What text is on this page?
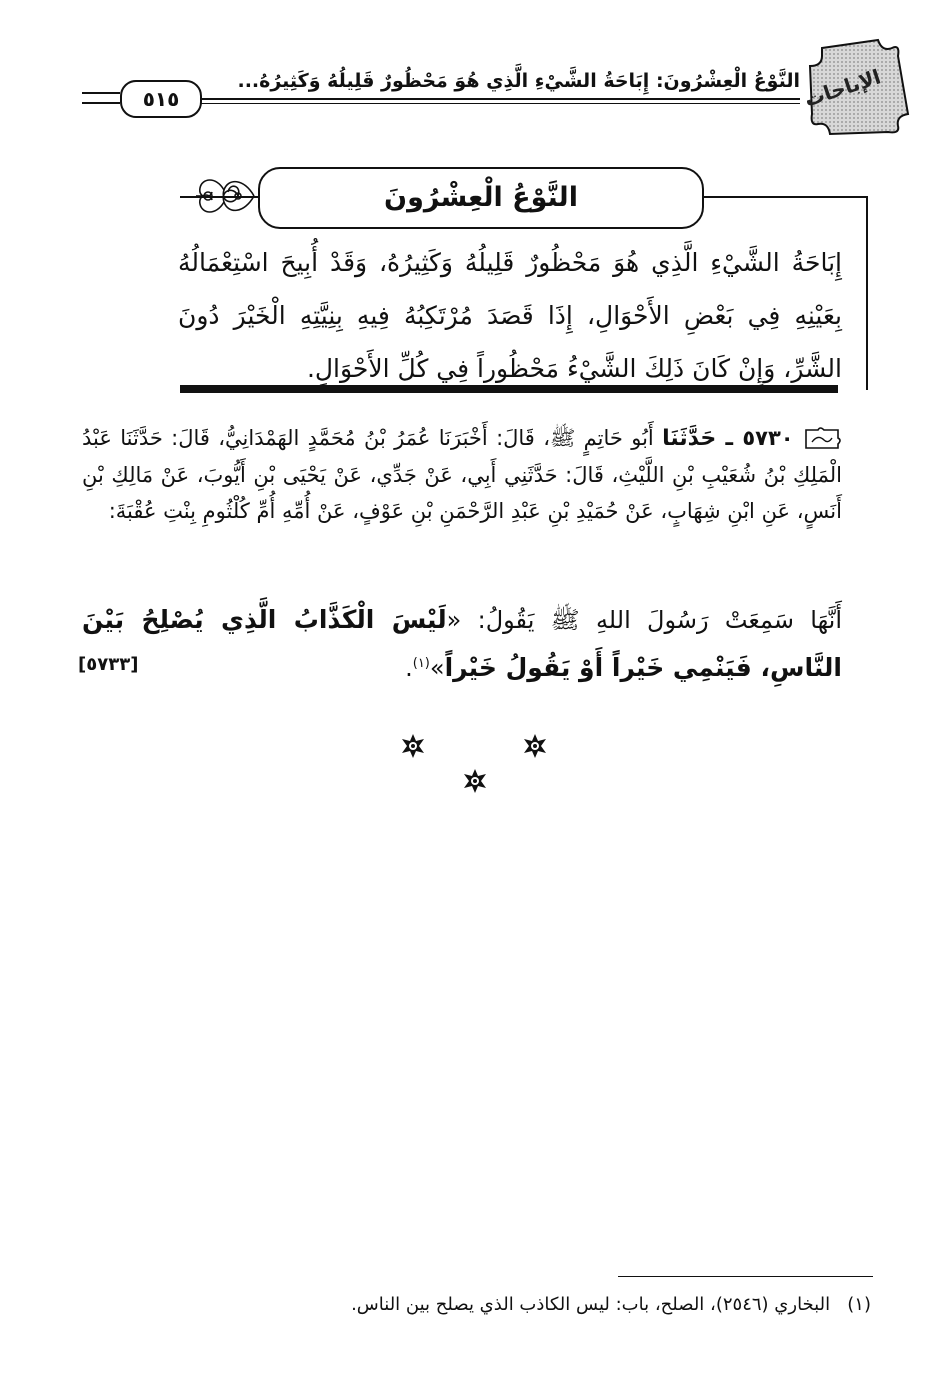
٥١٥
النَّوْعُ الْعِشْرُونَ: إِبَاحَةُ الشَّيْءِ الَّذِي هُوَ مَحْظُورٌ قَلِيلُهُ وَكَثِيرُهُ...	الإباحات
النَّوْعُ الْعِشْرُونَ
إِبَاحَةُ الشَّيْءِ الَّذِي هُوَ مَحْظُورٌ قَلِيلُهُ وَكَثِيرُهُ، وَقَدْ أُبِيحَ اسْتِعْمَالُهُ بِعَيْنِهِ فِي بَعْضِ الأَحْوَالِ، إِذَا قَصَدَ مُرْتَكِبُهُ فِيهِ بِنِيَّتِهِ الْخَيْرَ دُونَ الشَّرِّ، وَإِنْ كَانَ ذَلِكَ الشَّيْءُ مَحْظُوراً فِي كُلِّ الأَحْوَالِ.

٥٧٣٠ ـ حَدَّثَنَا أَبُو حَاتِمٍ ﷺ، قَالَ: أَخْبَرَنَا عُمَرُ بْنُ مُحَمَّدٍ الهَمْدَانِيُّ، قَالَ: حَدَّثَنَا عَبْدُ الْمَلِكِ بْنُ شُعَيْبِ بْنِ اللَّيْثِ، قَالَ: حَدَّثَنِي أَبِي، عَنْ جَدِّي، عَنْ يَحْيَى بْنِ أَيُّوبَ، عَنْ مَالِكِ بْنِ أَنَسٍ، عَنِ ابْنِ شِهَابٍ، عَنْ حُمَيْدِ بْنِ عَبْدِ الرَّحْمَنِ بْنِ عَوْفٍ، عَنْ أُمِّهِ أُمِّ كُلْثُومِ بِنْتِ عُقْبَةَ:

أَنَّهَا سَمِعَتْ رَسُولَ اللهِ ﷺ يَقُولُ: «لَيْسَ الْكَذَّابُ الَّذِي يُصْلِحُ بَيْنَ النَّاسِ، فَيَنْمِي خَيْراً أَوْ يَقُولُ خَيْراً»$^{(١)}$.
[٥٧٣٣]
(١)   البخاري (٢٥٤٦)، الصلح، باب: ليس الكاذب الذي يصلح بين الناس.
